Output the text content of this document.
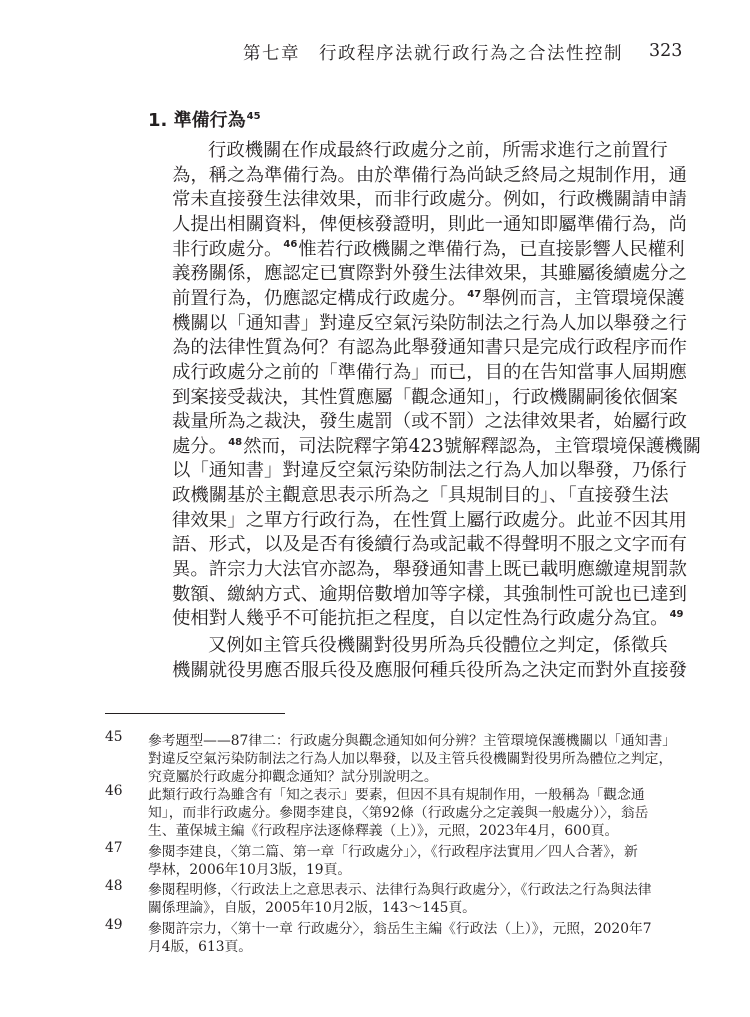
第七章　行政程序法就行政行為之合法性控制 323
1. 準備行為$^{45}$
行政機關在作成最終行政處分之前，所需求進行之前置行
為，稱之為準備行為。由於準備行為尚缺乏終局之規制作用，通
常未直接發生法律效果，而非行政處分。例如，行政機關請申請
人提出相關資料，俾便核發證明，則此一通知即屬準備行為，尚
非行政處分。$^{46}$惟若行政機關之準備行為，已直接影響人民權利
義務關係，應認定已實際對外發生法律效果，其雖屬後續處分之
前置行為，仍應認定構成行政處分。$^{47}$舉例而言，主管環境保護
機關以「通知書」對違反空氣污染防制法之行為人加以舉發之行
為的法律性質為何？有認為此舉發通知書只是完成行政程序而作
成行政處分之前的「準備行為」而已，目的在告知當事人屆期應
到案接受裁決，其性質應屬「觀念通知」，行政機關嗣後依個案
裁量所為之裁決，發生處罰（或不罰）之法律效果者，始屬行政
處分。$^{48}$然而，司法院釋字第423號解釋認為，主管環境保護機關
以「通知書」對違反空氣污染防制法之行為人加以舉發，乃係行
政機關基於主觀意思表示所為之「具規制目的」、「直接發生法
律效果」之單方行政行為，在性質上屬行政處分。此並不因其用
語、形式，以及是否有後續行為或記載不得聲明不服之文字而有
異。許宗力大法官亦認為，舉發通知書上既已載明應繳違規罰款
數額、繳納方式、逾期倍數增加等字樣，其強制性可說也已達到
使相對人幾乎不可能抗拒之程度，自以定性為行政處分為宜。$^{49}$
又例如主管兵役機關對役男所為兵役體位之判定，係徵兵
機關就役男應否服兵役及應服何種兵役所為之決定而對外直接發
45 參考題型——87律二：行政處分與觀念通知如何分辨？主管環境保護機關以「通知書」
對違反空氣污染防制法之行為人加以舉發，以及主管兵役機關對役男所為體位之判定，
究竟屬於行政處分抑觀念通知？試分別說明之。
46 此類行政行為雖含有「知之表示」要素，但因不具有規制作用，一般稱為「觀念通
知」，而非行政處分。參閱李建良，〈第92條（行政處分之定義與一般處分）〉，翁岳
生、董保城主編《行政程序法逐條釋義（上）》，元照，2023年4月，600頁。
47 參閱李建良，〈第二篇、第一章「行政處分」〉，《行政程序法實用／四人合著》，新
學林，2006年10月3版，19頁。
48 參閱程明修，〈行政法上之意思表示、法律行為與行政處分〉，《行政法之行為與法律
關係理論》，自版，2005年10月2版，143～145頁。
49 參閱許宗力，〈第十一章 行政處分〉，翁岳生主編《行政法（上）》，元照，2020年7
月4版，613頁。
